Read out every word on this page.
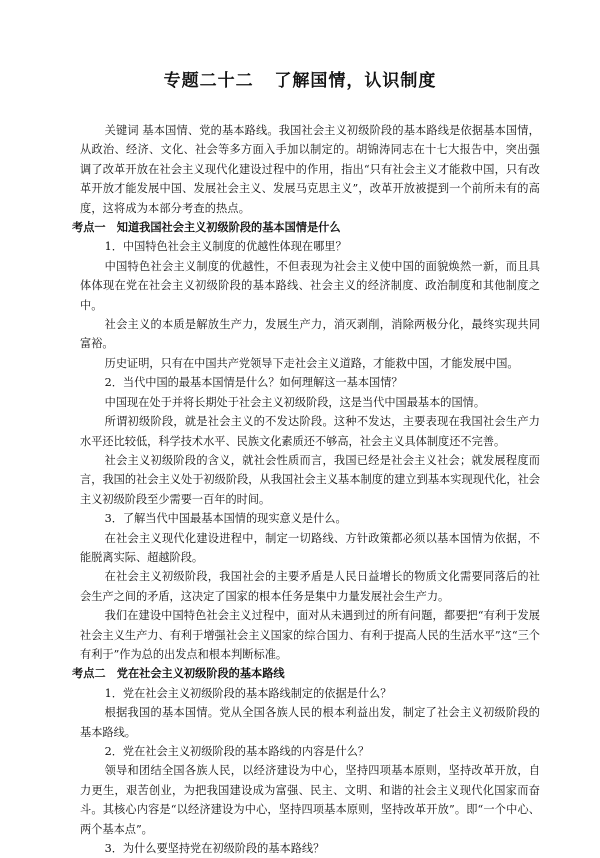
专题二十二   了解国情，认识制度

关键词 基本国情、党的基本路线。我国社会主义初级阶段的基本路线是依据基本国情，从政治、经济、文化、社会等多方面入手加以制定的。胡锦涛同志在十七大报告中，突出强调了改革开放在社会主义现代化建设过程中的作用，指出“只有社会主义才能救中国，只有改革开放才能发展中国、发展社会主义、发展马克思主义”，改革开放被提到一个前所未有的高度，这将成为本部分考查的热点。

考点一　知道我国社会主义初级阶段的基本国情是什么

1．中国特色社会主义制度的优越性体现在哪里？

中国特色社会主义制度的优越性，不但表现为社会主义使中国的面貌焕然一新，而且具体体现在党在社会主义初级阶段的基本路线、社会主义的经济制度、政治制度和其他制度之中。

社会主义的本质是解放生产力，发展生产力，消灭剥削，消除两极分化，最终实现共同富裕。

历史证明，只有在中国共产党领导下走社会主义道路，才能救中国，才能发展中国。

2．当代中国的最基本国情是什么？如何理解这一基本国情？

中国现在处于并将长期处于社会主义初级阶段，这是当代中国最基本的国情。

所谓初级阶段，就是社会主义的不发达阶段。这种不发达，主要表现在我国社会生产力水平还比较低，科学技术水平、民族文化素质还不够高，社会主义具体制度还不完善。

社会主义初级阶段的含义，就社会性质而言，我国已经是社会主义社会；就发展程度而言，我国的社会主义处于初级阶段，从我国社会主义基本制度的建立到基本实现现代化，社会主义初级阶段至少需要一百年的时间。

3．了解当代中国最基本国情的现实意义是什么。

在社会主义现代化建设进程中，制定一切路线、方针政策都必须以基本国情为依据，不能脱离实际、超越阶段。

在社会主义初级阶段，我国社会的主要矛盾是人民日益增长的物质文化需要同落后的社会生产之间的矛盾，这决定了国家的根本任务是集中力量发展社会生产力。

我们在建设中国特色社会主义过程中，面对从未遇到过的所有问题，都要把“有利于发展社会主义生产力、有利于增强社会主义国家的综合国力、有利于提高人民的生活水平”这“三个有利于”作为总的出发点和根本判断标准。

考点二　党在社会主义初级阶段的基本路线

1．党在社会主义初级阶段的基本路线制定的依据是什么？

根据我国的基本国情。党从全国各族人民的根本利益出发，制定了社会主义初级阶段的基本路线。

2．党在社会主义初级阶段的基本路线的内容是什么？

领导和团结全国各族人民，以经济建设为中心，坚持四项基本原则，坚持改革开放，自力更生，艰苦创业，为把我国建设成为富强、民主、文明、和谐的社会主义现代化国家而奋斗。其核心内容是“以经济建设为中心，坚持四项基本原则，坚持改革开放”。即“一个中心、两个基本点”。

3．为什么要坚持党在初级阶段的基本路线？
